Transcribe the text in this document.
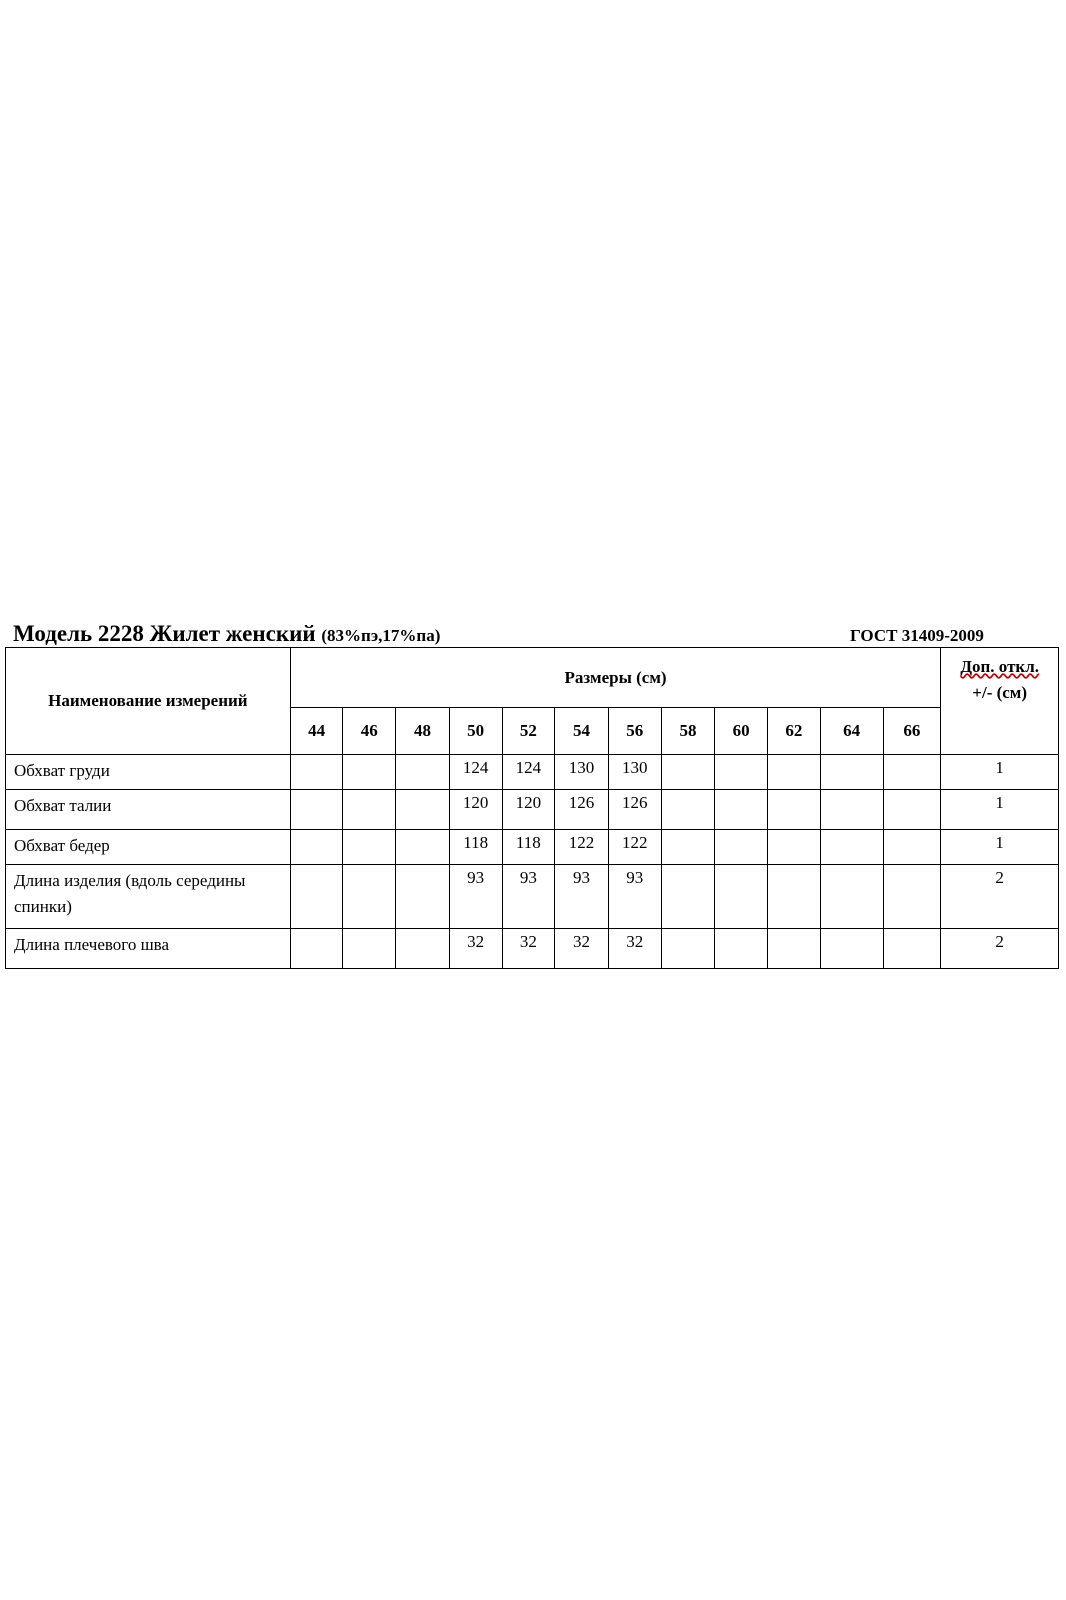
Модель 2228 Жилет женский (83%пэ,17%па)	ГОСТ 31409-2009
Наименование измерений	Размеры (см)												Доп. откл.
+/- (см)

	44	46	48	50	52	54	56	58	60	62	64	66	
Обхват груди				124	124	130	130						1
Обхват талии				120	120	126	126						1
Обхват бедер				118	118	122	122						1
Длина изделия (вдоль середины спинки)				93	93	93	93						2
Длина плечевого шва				32	32	32	32						2
